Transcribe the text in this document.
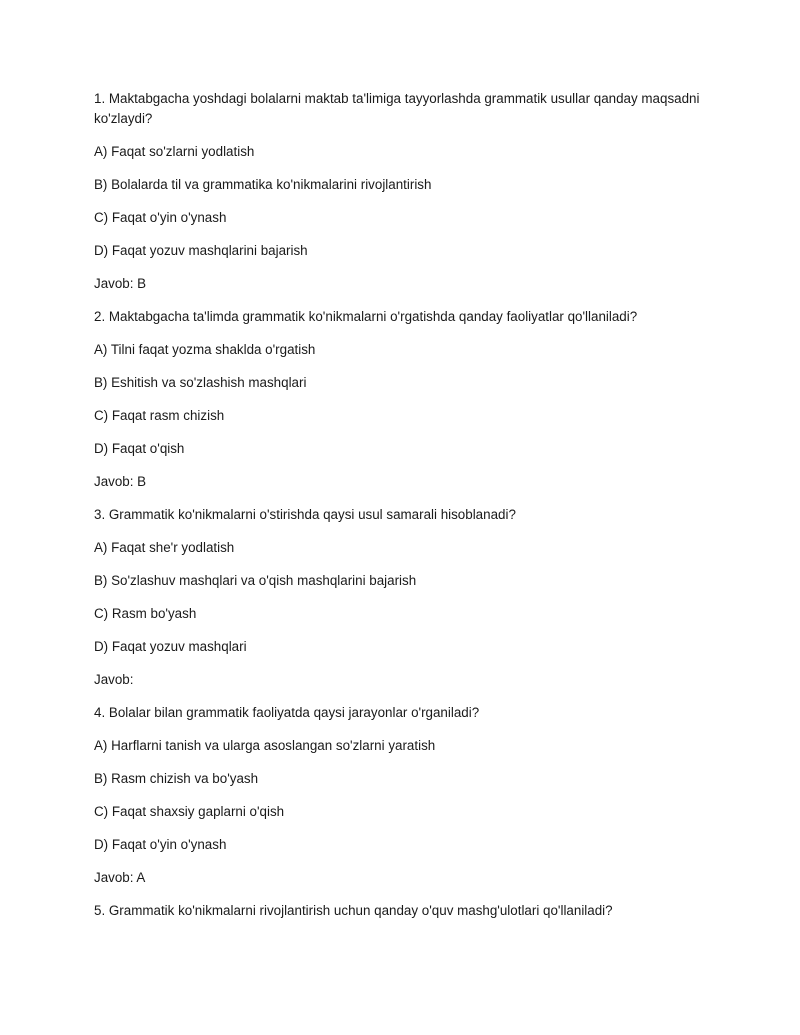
1. Maktabgacha yoshdagi bolalarni maktab ta'limiga tayyorlashda grammatik usullar qanday maqsadni ko'zlaydi?

A) Faqat so'zlarni yodlatish

B) Bolalarda til va grammatika ko'nikmalarini rivojlantirish

C) Faqat o'yin o'ynash

D) Faqat yozuv mashqlarini bajarish

Javob: B

2. Maktabgacha ta'limda grammatik ko'nikmalarni o'rgatishda qanday faoliyatlar qo'llaniladi?

A) Tilni faqat yozma shaklda o'rgatish

B) Eshitish va so'zlashish mashqlari

C) Faqat rasm chizish

D) Faqat o'qish

Javob: B

3. Grammatik ko'nikmalarni o'stirishda qaysi usul samarali hisoblanadi?

A) Faqat she'r yodlatish

B) So'zlashuv mashqlari va o'qish mashqlarini bajarish

C) Rasm bo'yash

D) Faqat yozuv mashqlari

Javob:

4. Bolalar bilan grammatik faoliyatda qaysi jarayonlar o'rganiladi?

A) Harflarni tanish va ularga asoslangan so'zlarni yaratish

B) Rasm chizish va bo'yash

C) Faqat shaxsiy gaplarni o'qish

D) Faqat o'yin o'ynash

Javob: A

5. Grammatik ko'nikmalarni rivojlantirish uchun qanday o'quv mashg'ulotlari qo'llaniladi?
